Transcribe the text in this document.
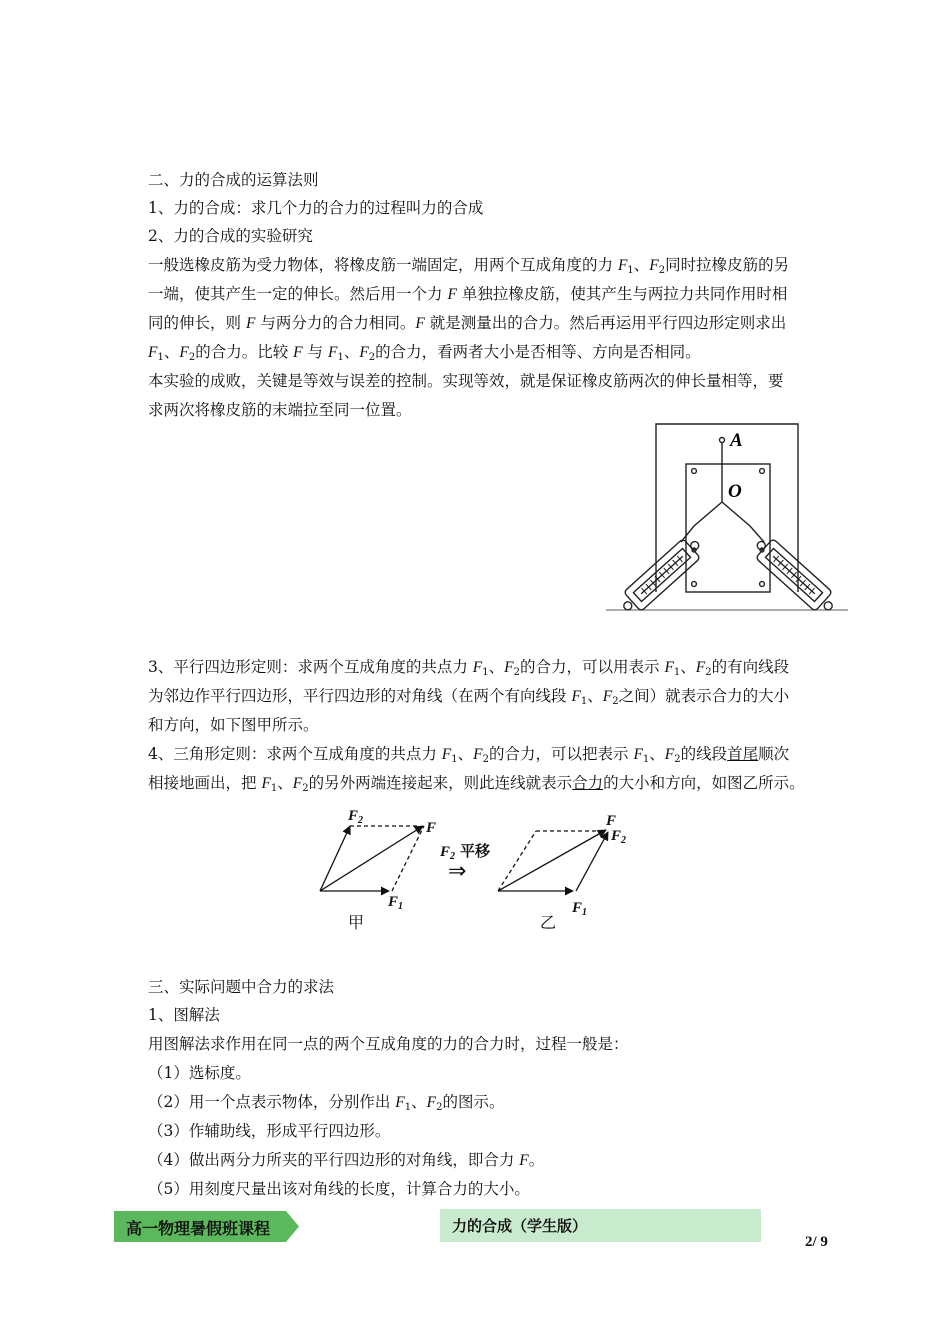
二、力的合成的运算法则
1、力的合成：求几个力的合力的过程叫力的合成
2、力的合成的实验研究
一般选橡皮筋为受力物体，将橡皮筋一端固定，用两个互成角度的力 $F_1$、$F_2$同时拉橡皮筋的另
一端，使其产生一定的伸长。然后用一个力 F 单独拉橡皮筋，使其产生与两拉力共同作用时相
同的伸长，则 F 与两分力的合力相同。F 就是测量出的合力。然后再运用平行四边形定则求出
$F_1$、$F_2$的合力。比较 F 与 $F_1$、$F_2$的合力，看两者大小是否相等、方向是否相同。
本实验的成败，关键是等效与误差的控制。实现等效，就是保证橡皮筋两次的伸长量相等，要
求两次将橡皮筋的末端拉至同一位置。
A
O
3、平行四边形定则：求两个互成角度的共点力 $F_1$、$F_2$的合力，可以用表示 $F_1$、$F_2$的有向线段
为邻边作平行四边形，平行四边形的对角线（在两个有向线段 $F_1$、$F_2$之间）就表示合力的大小
和方向，如下图甲所示。
4、三角形定则：求两个互成角度的共点力 $F_1$、$F_2$的合力，可以把表示 $F_1$、$F_2$的线段首尾顺次
相接地画出，把 $F_1$、$F_2$的另外两端连接起来，则此连线就表示合力的大小和方向，如图乙所示。
$F_2$	F
$F_1$
$F_2$
F
$F_2$
$F_1$
平移
⇒
甲	乙
三、实际问题中合力的求法
1、图解法
用图解法求作用在同一点的两个互成角度的力的合力时，过程一般是：
（1）选标度。
（2）用一个点表示物体，分别作出 $F_1$、$F_2$的图示。
（3）作辅助线，形成平行四边形。
（4）做出两分力所夹的平行四边形的对角线，即合力 F。
（5）用刻度尺量出该对角线的长度，计算合力的大小。
高一物理暑假班课程	力的合成（学生版）
2/ 9
